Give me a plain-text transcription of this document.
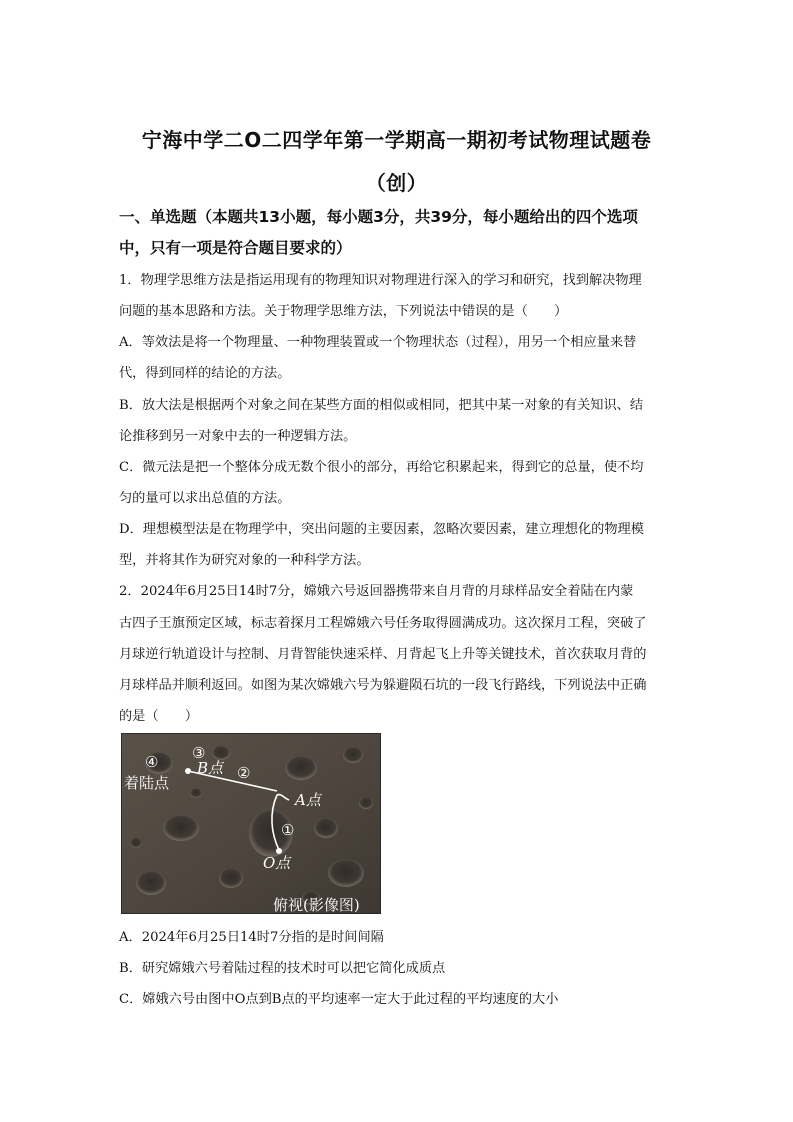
宁海中学二O二四学年第一学期高一期初考试物理试题卷
（创）
一、单选题（本题共13小题，每小题3分，共39分，每小题给出的四个选项
中，只有一项是符合题目要求的）
1．物理学思维方法是指运用现有的物理知识对物理进行深入的学习和研究，找到解决物理
问题的基本思路和方法。关于物理学思维方法，下列说法中错误的是（　　）
A．等效法是将一个物理量、一种物理装置或一个物理状态（过程），用另一个相应量来替
代，得到同样的结论的方法。
B．放大法是根据两个对象之间在某些方面的相似或相同，把其中某一对象的有关知识、结
论推移到另一对象中去的一种逻辑方法。
C．微元法是把一个整体分成无数个很小的部分，再给它积累起来，得到它的总量，使不均
匀的量可以求出总值的方法。
D．理想模型法是在物理学中，突出问题的主要因素，忽略次要因素，建立理想化的物理模
型，并将其作为研究对象的一种科学方法。
2．2024年6月25日14时7分，嫦娥六号返回器携带来自月背的月球样品安全着陆在内蒙
古四子王旗预定区域，标志着探月工程嫦娥六号任务取得圆满成功。这次探月工程，突破了
月球逆行轨道设计与控制、月背智能快速采样、月背起飞上升等关键技术，首次获取月背的
月球样品并顺利返回。如图为某次嫦娥六号为躲避陨石坑的一段飞行路线，下列说法中正确
的是（　　）
④
着陆点
③
B点 ②
A点
①
O点
俯视(影像图)
A．2024年6月25日14时7分指的是时间间隔
B．研究嫦娥六号着陆过程的技术时可以把它简化成质点
C．嫦娥六号由图中O点到B点的平均速率一定大于此过程的平均速度的大小
